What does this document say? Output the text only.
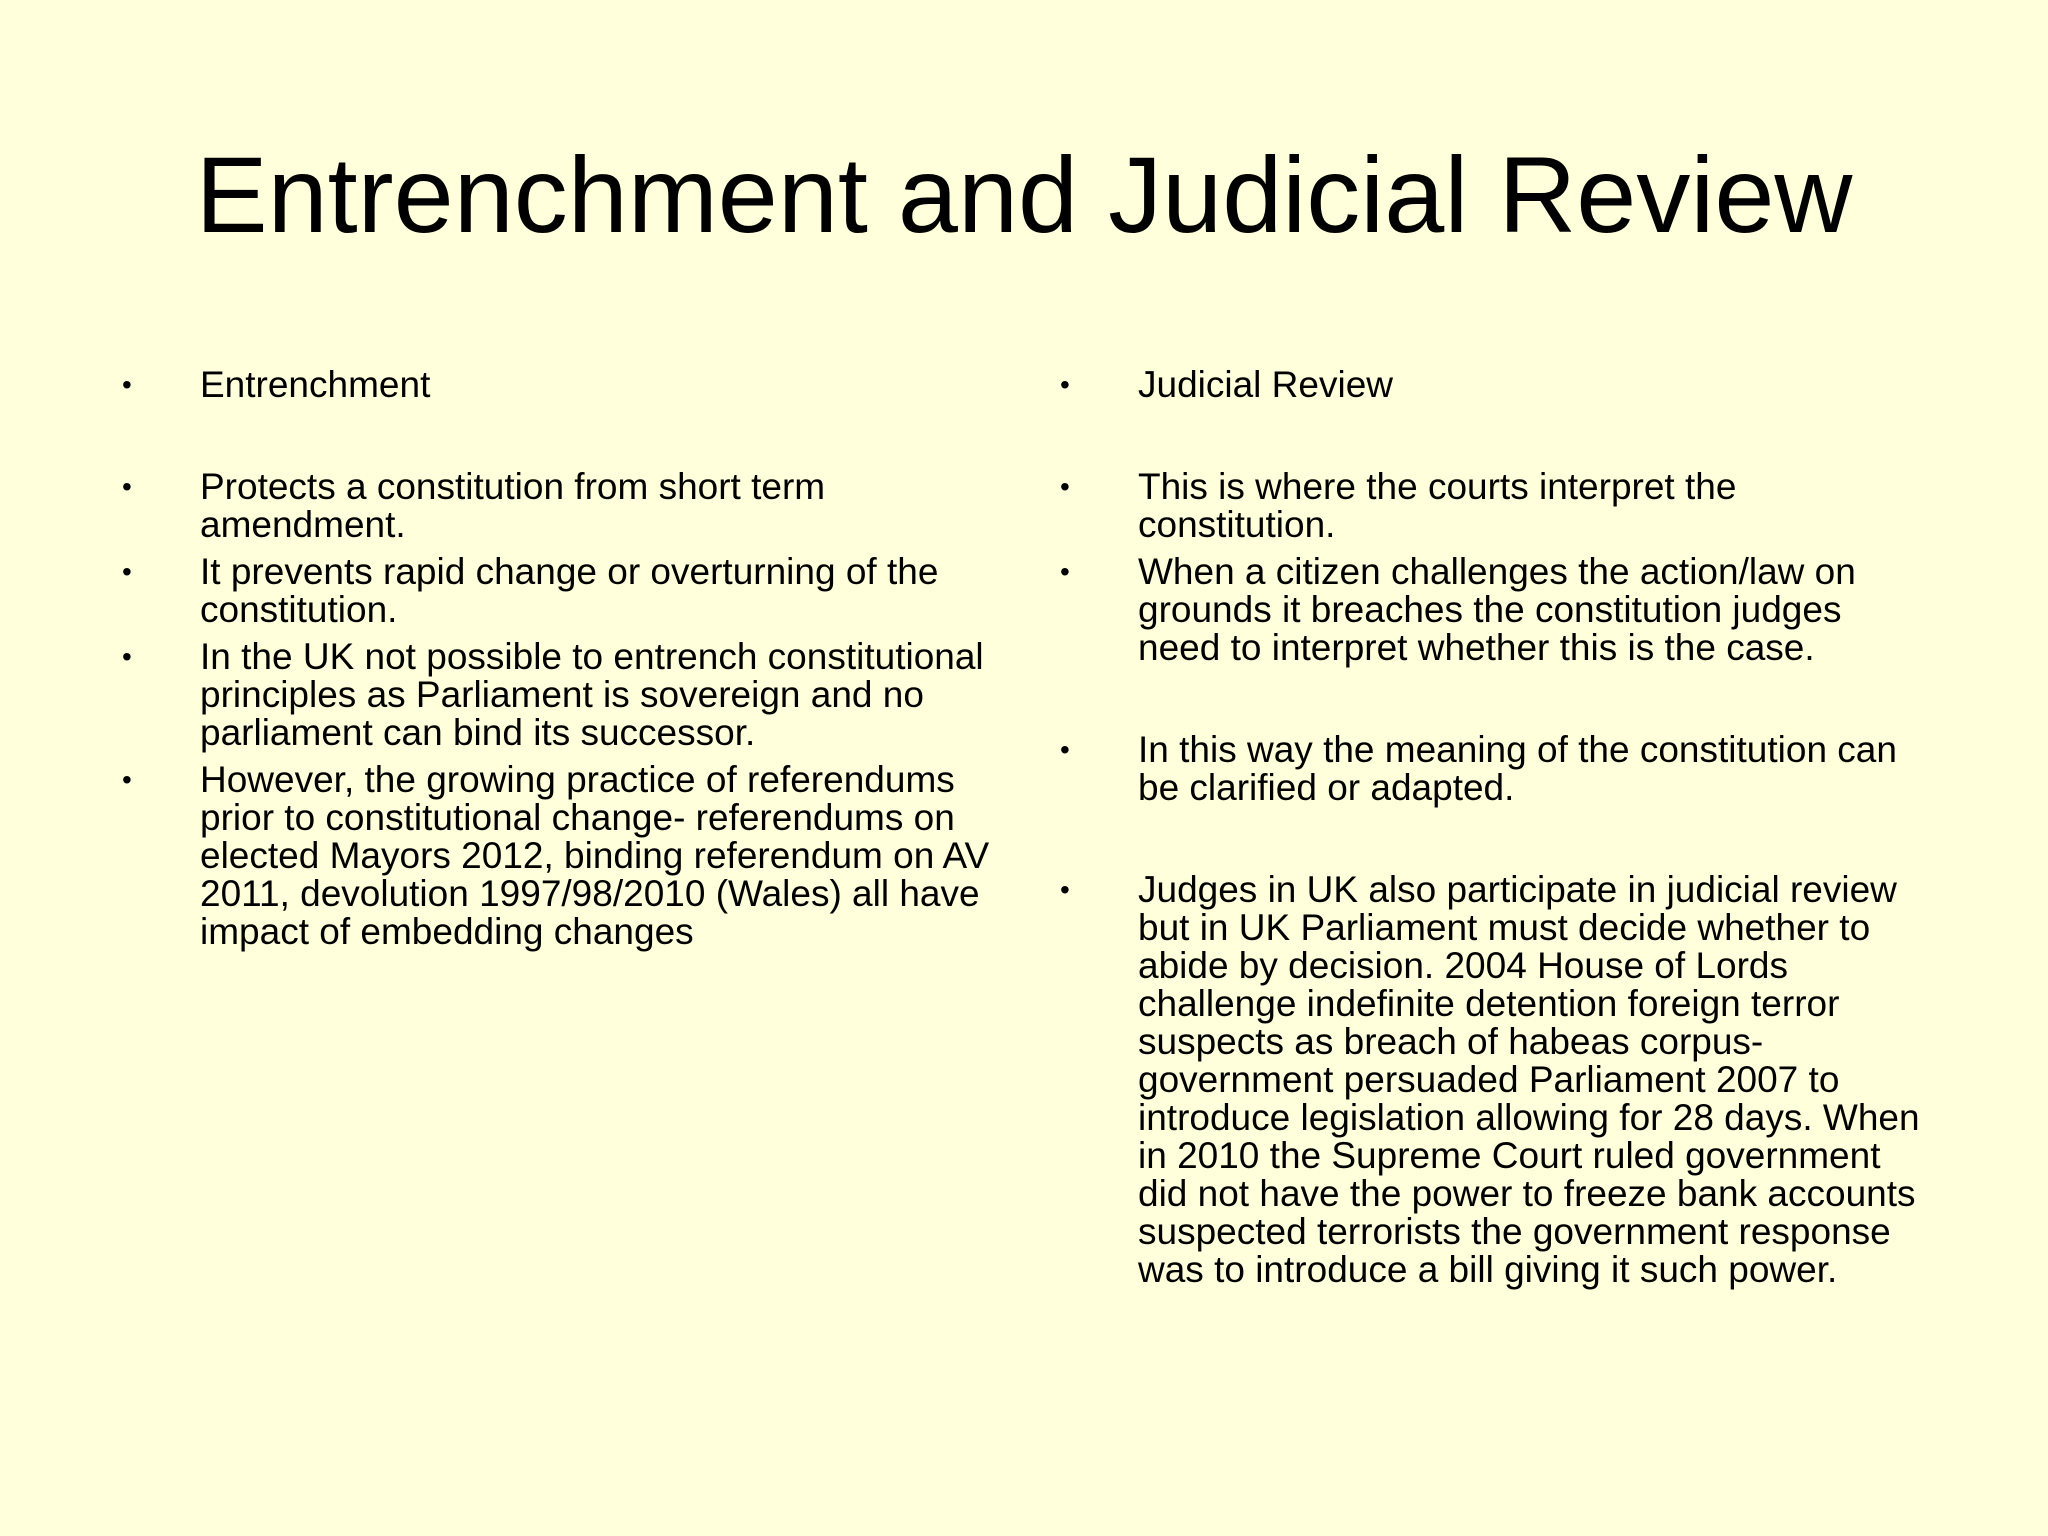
Entrenchment and Judicial Review
• Entrenchment
• Protects a constitution from short term amendment.
• It prevents rapid change or overturning of the constitution.
• In the UK not possible to entrench constitutional principles as Parliament is sovereign and no parliament can bind its successor.
• However, the growing practice of referendums prior to constitutional change- referendums on elected Mayors 2012, binding referendum on AV 2011, devolution 1997/98/2010 (Wales) all have impact of embedding changes
• Judicial Review
• This is where the courts interpret the constitution.
• When a citizen challenges the action/law on grounds it breaches the constitution judges need to interpret whether this is the case.
• In this way the meaning of the constitution can be clarified or adapted.
• Judges in UK also participate in judicial review but in UK Parliament must decide whether to abide by decision. 2004 House of Lords challenge indefinite detention foreign terror suspects as breach of habeas corpus- government persuaded Parliament 2007 to introduce legislation allowing for 28 days. When in 2010 the Supreme Court ruled government did not have the power to freeze bank accounts suspected terrorists the government response was to introduce a bill giving it such power.
